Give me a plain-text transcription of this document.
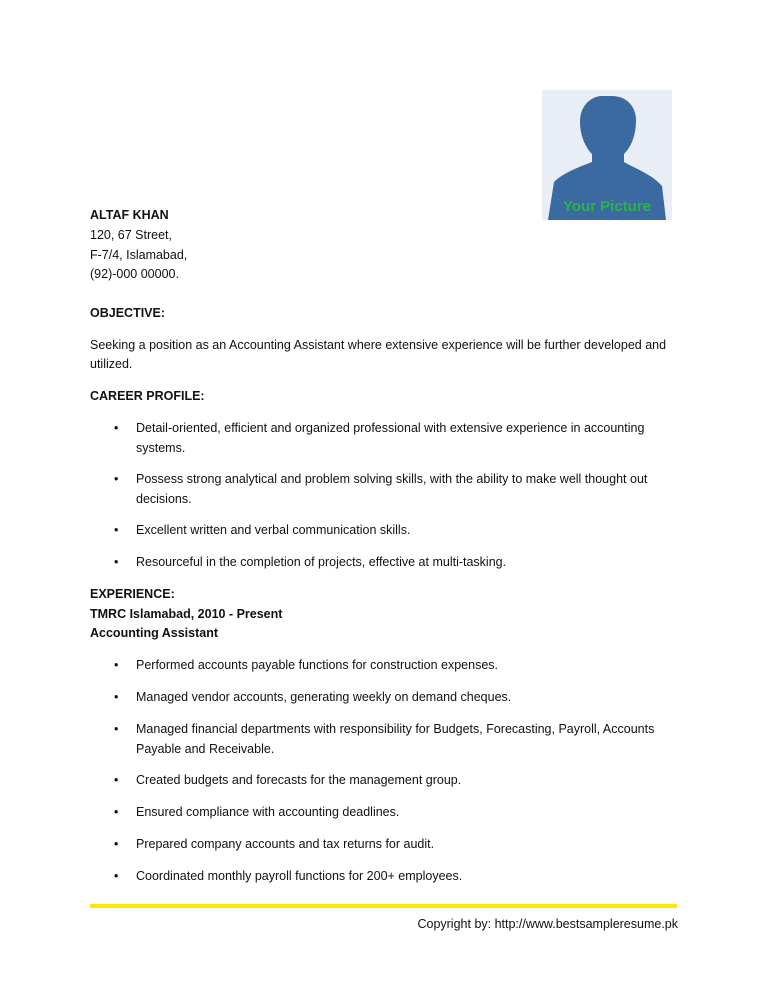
Your Picture
ALTAF KHAN
120, 67 Street,
F-7/4, Islamabad,
(92)-000 00000.
OBJECTIVE:
Seeking a position as an Accounting Assistant where extensive experience will be further developed and
utilized.
CAREER PROFILE:
• Detail-oriented, efficient and organized professional with extensive experience in accounting
systems.
• Possess strong analytical and problem solving skills, with the ability to make well thought out
decisions.
• Excellent written and verbal communication skills.
• Resourceful in the completion of projects, effective at multi-tasking.
EXPERIENCE:
TMRC Islamabad, 2010 - Present
Accounting Assistant
• Performed accounts payable functions for construction expenses.
• Managed vendor accounts, generating weekly on demand cheques.
• Managed financial departments with responsibility for Budgets, Forecasting, Payroll, Accounts
Payable and Receivable.
• Created budgets and forecasts for the management group.
• Ensured compliance with accounting deadlines.
• Prepared company accounts and tax returns for audit.
• Coordinated monthly payroll functions for 200+ employees.
Copyright by: http://www.bestsampleresume.pk
